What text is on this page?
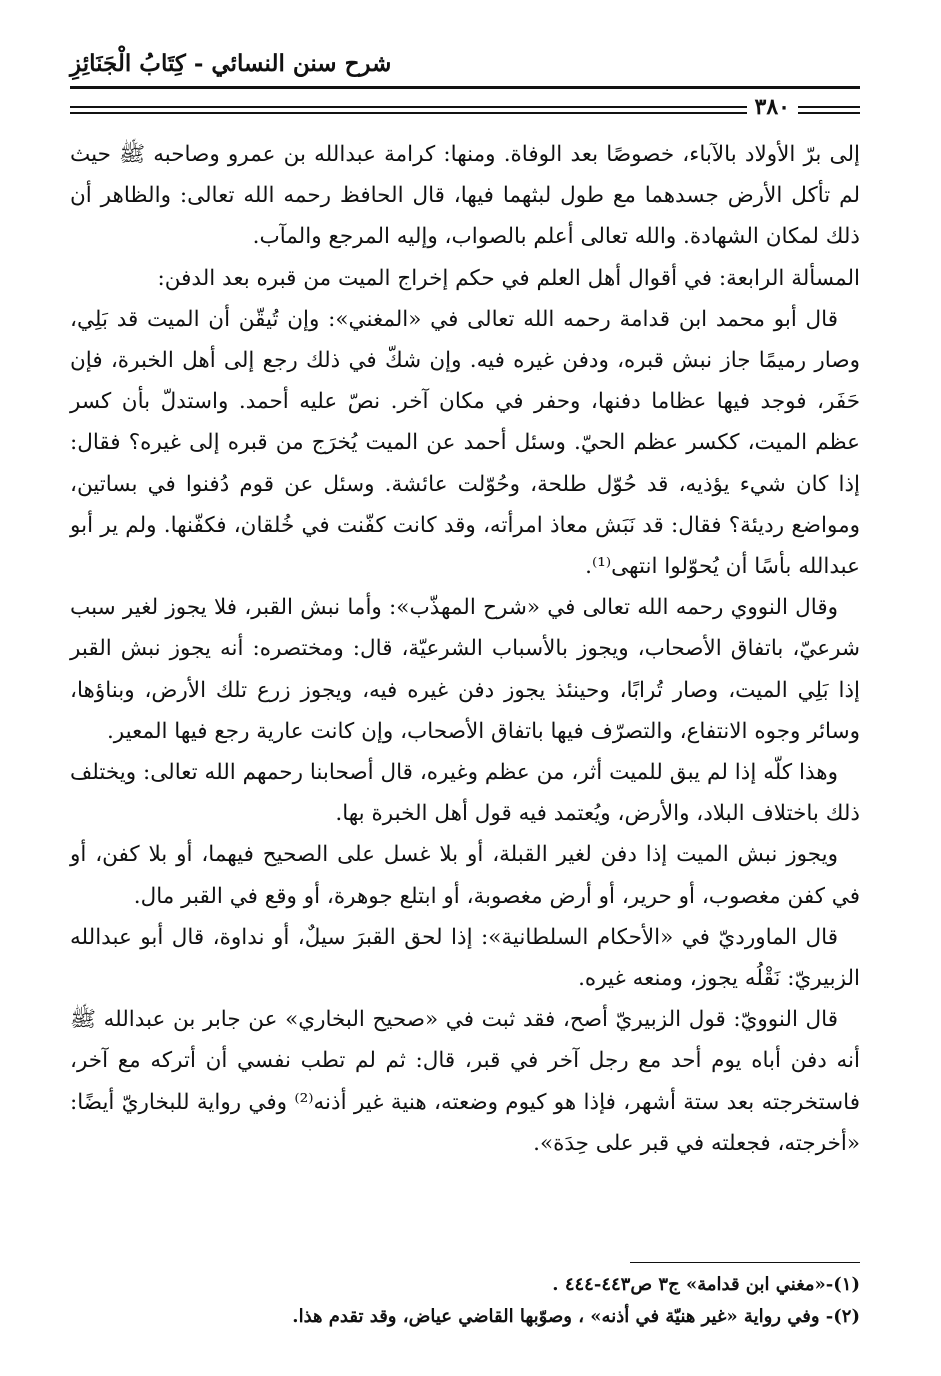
شرح سنن النسائي - كِتَابُ الْجَنَائِزِ
٣٨٠

إلى برّ الأولاد بالآباء، خصوصًا بعد الوفاة. ومنها: كرامة عبدالله بن عمرو وصاحبه ﷺ حيث لم تأكل الأرض جسدهما مع طول لبثهما فيها، قال الحافظ رحمه الله تعالى: والظاهر أن ذلك لمكان الشهادة. والله تعالى أعلم بالصواب، وإليه المرجع والمآب.

المسألة الرابعة: في أقوال أهل العلم في حكم إخراج الميت من قبره بعد الدفن:

قال أبو محمد ابن قدامة رحمه الله تعالى في «المغني»: وإن تُيقّن أن الميت قد بَلِي، وصار رميمًا جاز نبش قبره، ودفن غيره فيه. وإن شكّ في ذلك رجع إلى أهل الخبرة، فإن حَفَر، فوجد فيها عظاما دفنها، وحفر في مكان آخر. نصّ عليه أحمد. واستدلّ بأن كسر عظم الميت، ككسر عظم الحيّ. وسئل أحمد عن الميت يُخرَج من قبره إلى غيره؟ فقال: إذا كان شيء يؤذيه، قد حُوّل طلحة، وحُوّلت عائشة. وسئل عن قوم دُفنوا في بساتين، ومواضع رديئة؟ فقال: قد نَبَش معاذ امرأته، وقد كانت كفّنت في خُلقان، فكفّنها. ولم ير أبو عبدالله بأسًا أن يُحوّلوا انتهى⁽¹⁾.

وقال النووي رحمه الله تعالى في «شرح المهذّب»: وأما نبش القبر، فلا يجوز لغير سبب شرعيّ، باتفاق الأصحاب، ويجوز بالأسباب الشرعيّة، قال: ومختصره: أنه يجوز نبش القبر إذا بَلِي الميت، وصار تُرابًا، وحينئذ يجوز دفن غيره فيه، ويجوز زرع تلك الأرض، وبناؤها، وسائر وجوه الانتفاع، والتصرّف فيها باتفاق الأصحاب، وإن كانت عارية رجع فيها المعير.

وهذا كلّه إذا لم يبق للميت أثر، من عظم وغيره، قال أصحابنا رحمهم الله تعالى: ويختلف ذلك باختلاف البلاد، والأرض، ويُعتمد فيه قول أهل الخبرة بها.

ويجوز نبش الميت إذا دفن لغير القبلة، أو بلا غسل على الصحيح فيهما، أو بلا كفن، أو في كفن مغصوب، أو حرير، أو أرض مغصوبة، أو ابتلع جوهرة، أو وقع في القبر مال.

قال الماورديّ في «الأحكام السلطانية»: إذا لحق القبرَ سيلٌ، أو نداوة، قال أبو عبدالله الزبيريّ: نَقْلُه يجوز، ومنعه غيره.

قال النوويّ: قول الزبيريّ أصح، فقد ثبت في «صحيح البخاري» عن جابر بن عبدالله ﷺ أنه دفن أباه يوم أحد مع رجل آخر في قبر، قال: ثم لم تطب نفسي أن أتركه مع آخر، فاستخرجته بعد ستة أشهر، فإذا هو كيوم وضعته، هنية غير أذنه⁽²⁾ وفي رواية للبخاريّ أيضًا: «أخرجته، فجعلته في قبر على حِدَة».

(١)-«مغني ابن قدامة» ج٣ ص٤٤٣-٤٤٤ .

(٢)- وفي رواية «غير هنيّة في أذنه» ، وصوّبها القاضي عياض، وقد تقدم هذا.
